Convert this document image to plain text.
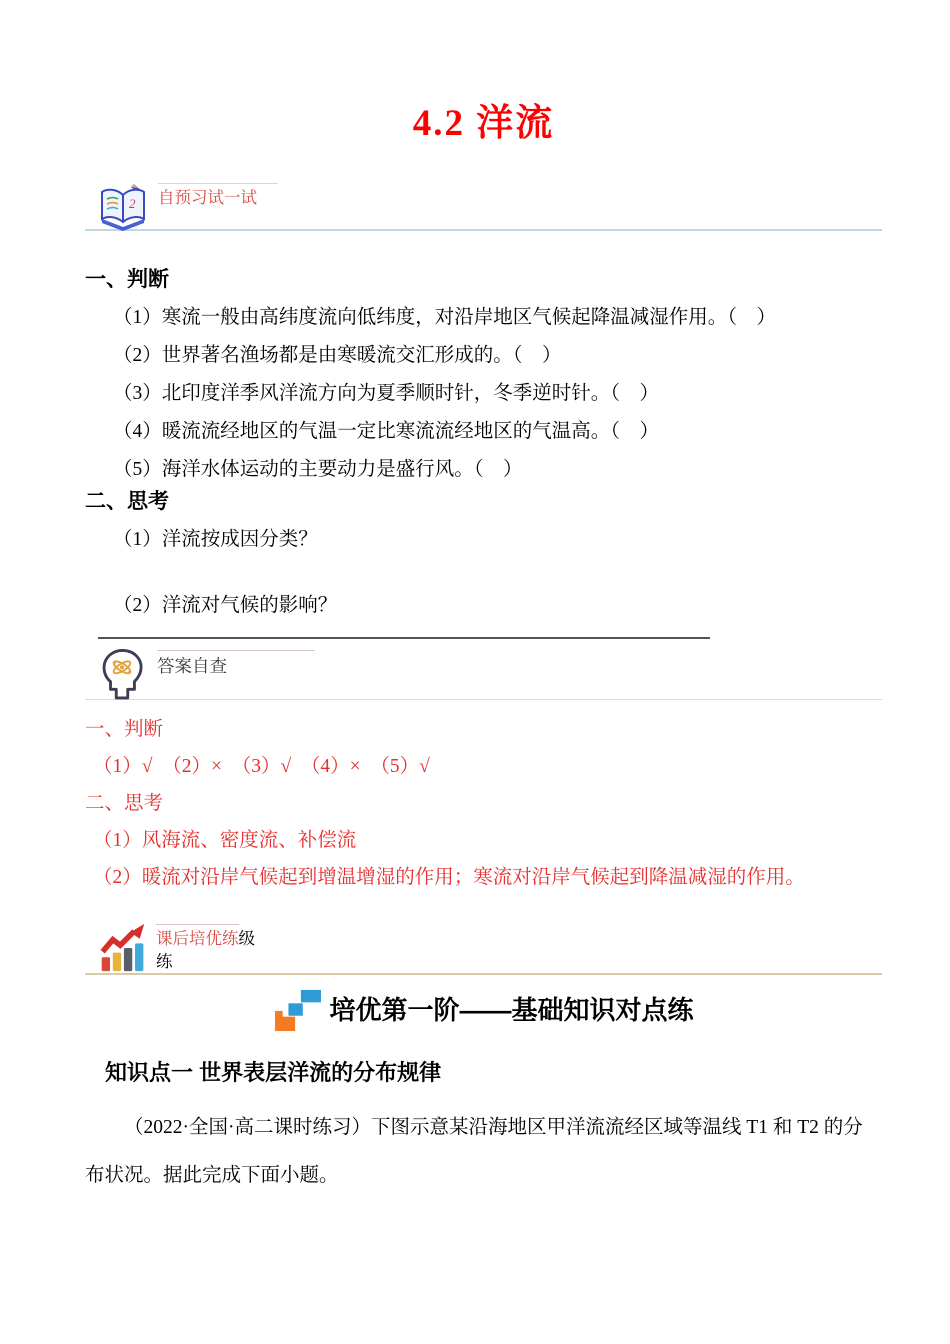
4.2 洋流
2 自预习试一试
一、判断

（1）寒流一般由高纬度流向低纬度，对沿岸地区气候起降温减湿作用。（　）

（2）世界著名渔场都是由寒暖流交汇形成的。（　）

（3）北印度洋季风洋流方向为夏季顺时针，冬季逆时针。（　）

（4）暖流流经地区的气温一定比寒流流经地区的气温高。（　）

（5）海洋水体运动的主要动力是盛行风。（　）

二、思考

（1）洋流按成因分类？

（2）洋流对气候的影响？

答案自查

一、判断

（1）√　（2）×　（3）√　（4）×　（5）√

二、思考

（1）风海流、密度流、补偿流

（2）暖流对沿岸气候起到增温增湿的作用；寒流对沿岸气候起到降温减湿的作用。

课后培优练级
练
培优第一阶——基础知识对点练
知识点一 世界表层洋流的分布规律

（2022·全国·高二课时练习）下图示意某沿海地区甲洋流流经区域等温线 T1 和 T2 的分布状况。据此完成下面小题。
